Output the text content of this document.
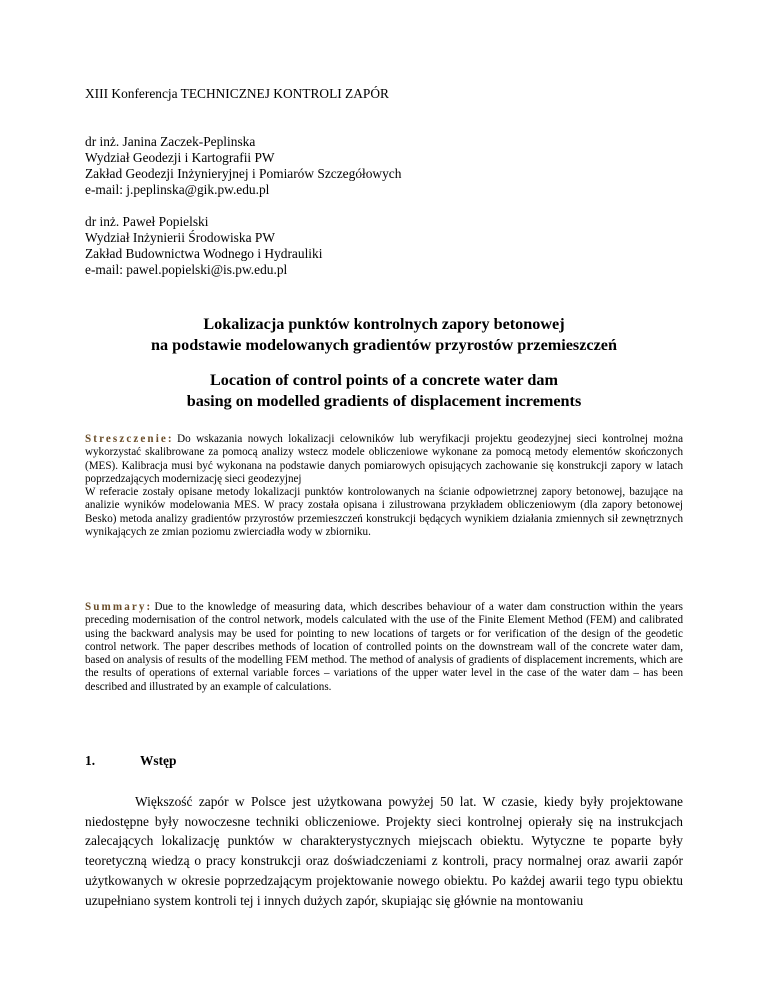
XIII Konferencja TECHNICZNEJ KONTROLI ZAPÓR
dr inż. Janina Zaczek-Peplinska
Wydział Geodezji i Kartografii PW
Zakład Geodezji Inżynieryjnej i Pomiarów Szczegółowych
e-mail: j.peplinska@gik.pw.edu.pl
dr inż. Paweł Popielski
Wydział Inżynierii Środowiska PW
Zakład Budownictwa Wodnego i Hydrauliki
e-mail: pawel.popielski@is.pw.edu.pl
Lokalizacja punktów kontrolnych zapory betonowej
na podstawie modelowanych gradientów przyrostów przemieszczeń
Location of control points of a concrete water dam
basing on modelled gradients of displacement increments

Streszczenie: Do wskazania nowych lokalizacji celowników lub weryfikacji projektu geodezyjnej sieci kontrolnej można wykorzystać skalibrowane za pomocą analizy wstecz modele obliczeniowe wykonane za pomocą metody elementów skończonych (MES). Kalibracja musi być wykonana na podstawie danych pomiarowych opisujących zachowanie się konstrukcji zapory w latach poprzedzających modernizację sieci geodezyjnej

W referacie zostały opisane metody lokalizacji punktów kontrolowanych na ścianie odpowietrznej zapory betonowej, bazujące na analizie wyników modelowania MES. W pracy została opisana i zilustrowana przykładem obliczeniowym (dla zapory betonowej Besko) metoda analizy gradientów przyrostów przemieszczeń konstrukcji będących wynikiem działania zmiennych sił zewnętrznych wynikających ze zmian poziomu zwierciadła wody w zbiorniku.

Summary: Due to the knowledge of measuring data, which describes behaviour of a water dam construction within the years preceding modernisation of the control network, models calculated with the use of the Finite Element Method (FEM) and calibrated using the backward analysis may be used for pointing to new locations of targets or for verification of the design of the geodetic control network. The paper describes methods of location of controlled points on the downstream wall of the concrete water dam, based on analysis of results of the modelling FEM method. The method of analysis of gradients of displacement increments, which are the results of operations of external variable forces – variations of the upper water level in the case of the water dam – has been described and illustrated by an example of calculations.

1.	Wstęp

Większość zapór w Polsce jest użytkowana powyżej 50 lat. W czasie, kiedy były projektowane niedostępne były nowoczesne techniki obliczeniowe. Projekty sieci kontrolnej opierały się na instrukcjach zalecających lokalizację punktów w charakterystycznych miejscach obiektu. Wytyczne te poparte były teoretyczną wiedzą o pracy konstrukcji oraz doświadczeniami z kontroli, pracy normalnej oraz awarii zapór użytkowanych w okresie poprzedzającym projektowanie nowego obiektu. Po każdej awarii tego typu obiektu uzupełniano system kontroli tej i innych dużych zapór, skupiając się głównie na montowaniu
